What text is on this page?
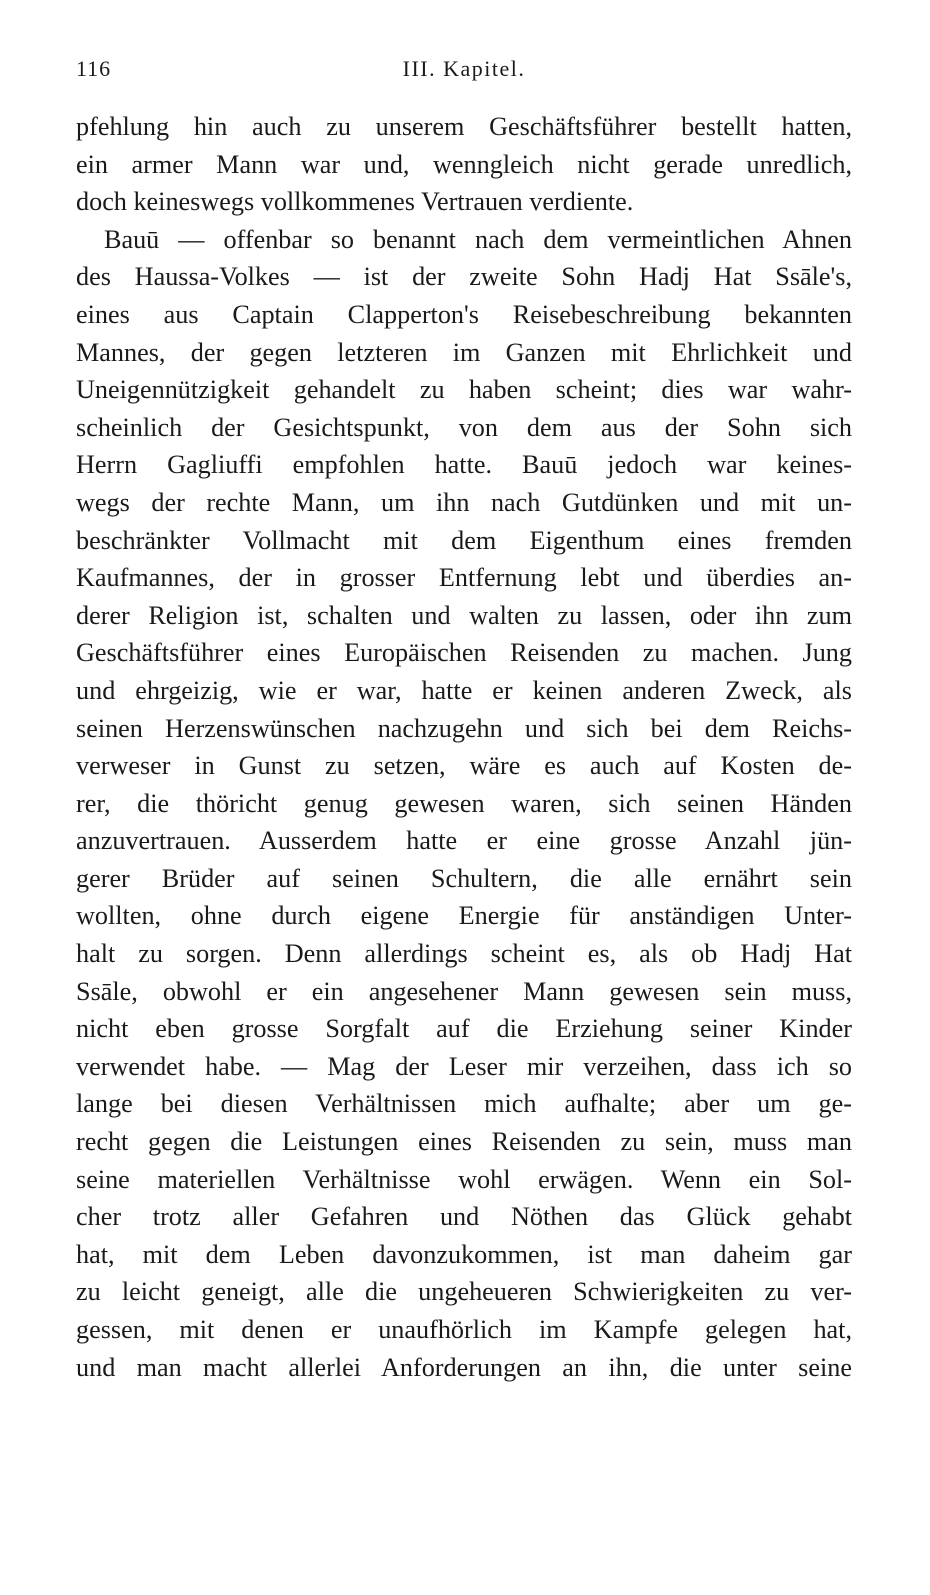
116	III. Kapitel.
pfehlung hin auch zu unserem Geschäftsführer bestellt hatten,
ein armer Mann war und, wenngleich nicht gerade unredlich,
doch keineswegs vollkommenes Vertrauen verdiente.
Bauū — offenbar so benannt nach dem vermeintlichen Ahnen
des Haussa-Volkes — ist der zweite Sohn Hadj Hat Ssāle's,
eines aus Captain Clapperton's Reisebeschreibung bekannten
Mannes, der gegen letzteren im Ganzen mit Ehrlichkeit und
Uneigennützigkeit gehandelt zu haben scheint; dies war wahr-
scheinlich der Gesichtspunkt, von dem aus der Sohn sich
Herrn Gagliuffi empfohlen hatte. Bauū jedoch war keines-
wegs der rechte Mann, um ihn nach Gutdünken und mit un-
beschränkter Vollmacht mit dem Eigenthum eines fremden
Kaufmannes, der in grosser Entfernung lebt und überdies an-
derer Religion ist, schalten und walten zu lassen, oder ihn zum
Geschäftsführer eines Europäischen Reisenden zu machen. Jung
und ehrgeizig, wie er war, hatte er keinen anderen Zweck, als
seinen Herzenswünschen nachzugehn und sich bei dem Reichs-
verweser in Gunst zu setzen, wäre es auch auf Kosten de-
rer, die thöricht genug gewesen waren, sich seinen Händen
anzuvertrauen. Ausserdem hatte er eine grosse Anzahl jün-
gerer Brüder auf seinen Schultern, die alle ernährt sein
wollten, ohne durch eigene Energie für anständigen Unter-
halt zu sorgen. Denn allerdings scheint es, als ob Hadj Hat
Ssāle, obwohl er ein angesehener Mann gewesen sein muss,
nicht eben grosse Sorgfalt auf die Erziehung seiner Kinder
verwendet habe. — Mag der Leser mir verzeihen, dass ich so
lange bei diesen Verhältnissen mich aufhalte; aber um ge-
recht gegen die Leistungen eines Reisenden zu sein, muss man
seine materiellen Verhältnisse wohl erwägen. Wenn ein Sol-
cher trotz aller Gefahren und Nöthen das Glück gehabt
hat, mit dem Leben davonzukommen, ist man daheim gar
zu leicht geneigt, alle die ungeheueren Schwierigkeiten zu ver-
gessen, mit denen er unaufhörlich im Kampfe gelegen hat,
und man macht allerlei Anforderungen an ihn, die unter seine
